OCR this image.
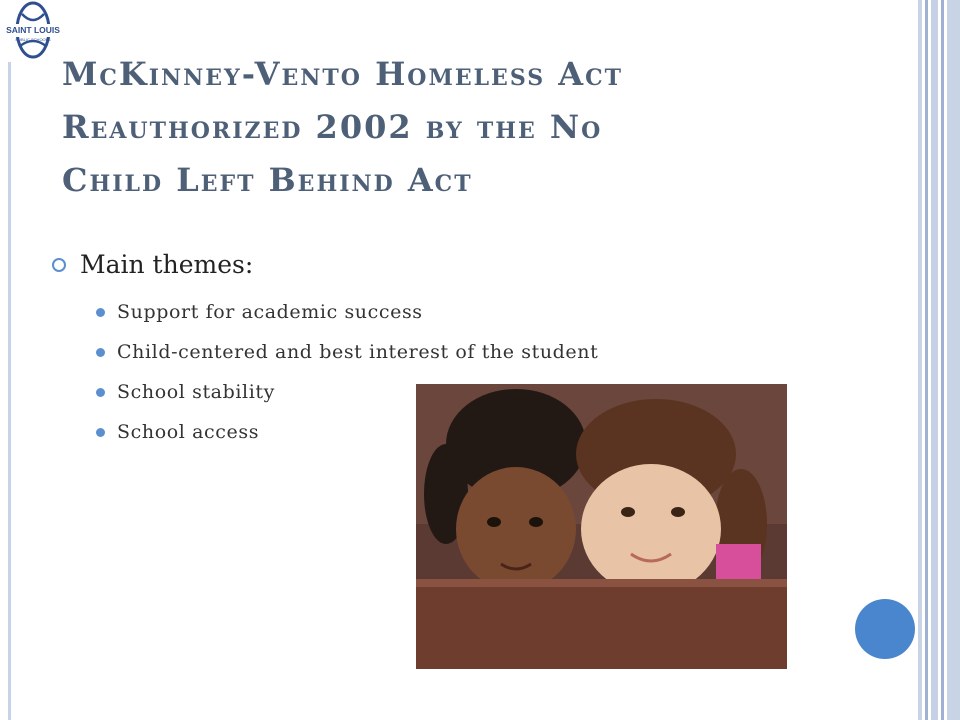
SAINT LOUIS
PUBLIC SCHOOLS
McKinney-Vento Homeless Act
Reauthorized 2002 by the No
Child Left Behind Act
Main themes:
Support for academic success
Child-centered and best interest of the student
School stability
School access
